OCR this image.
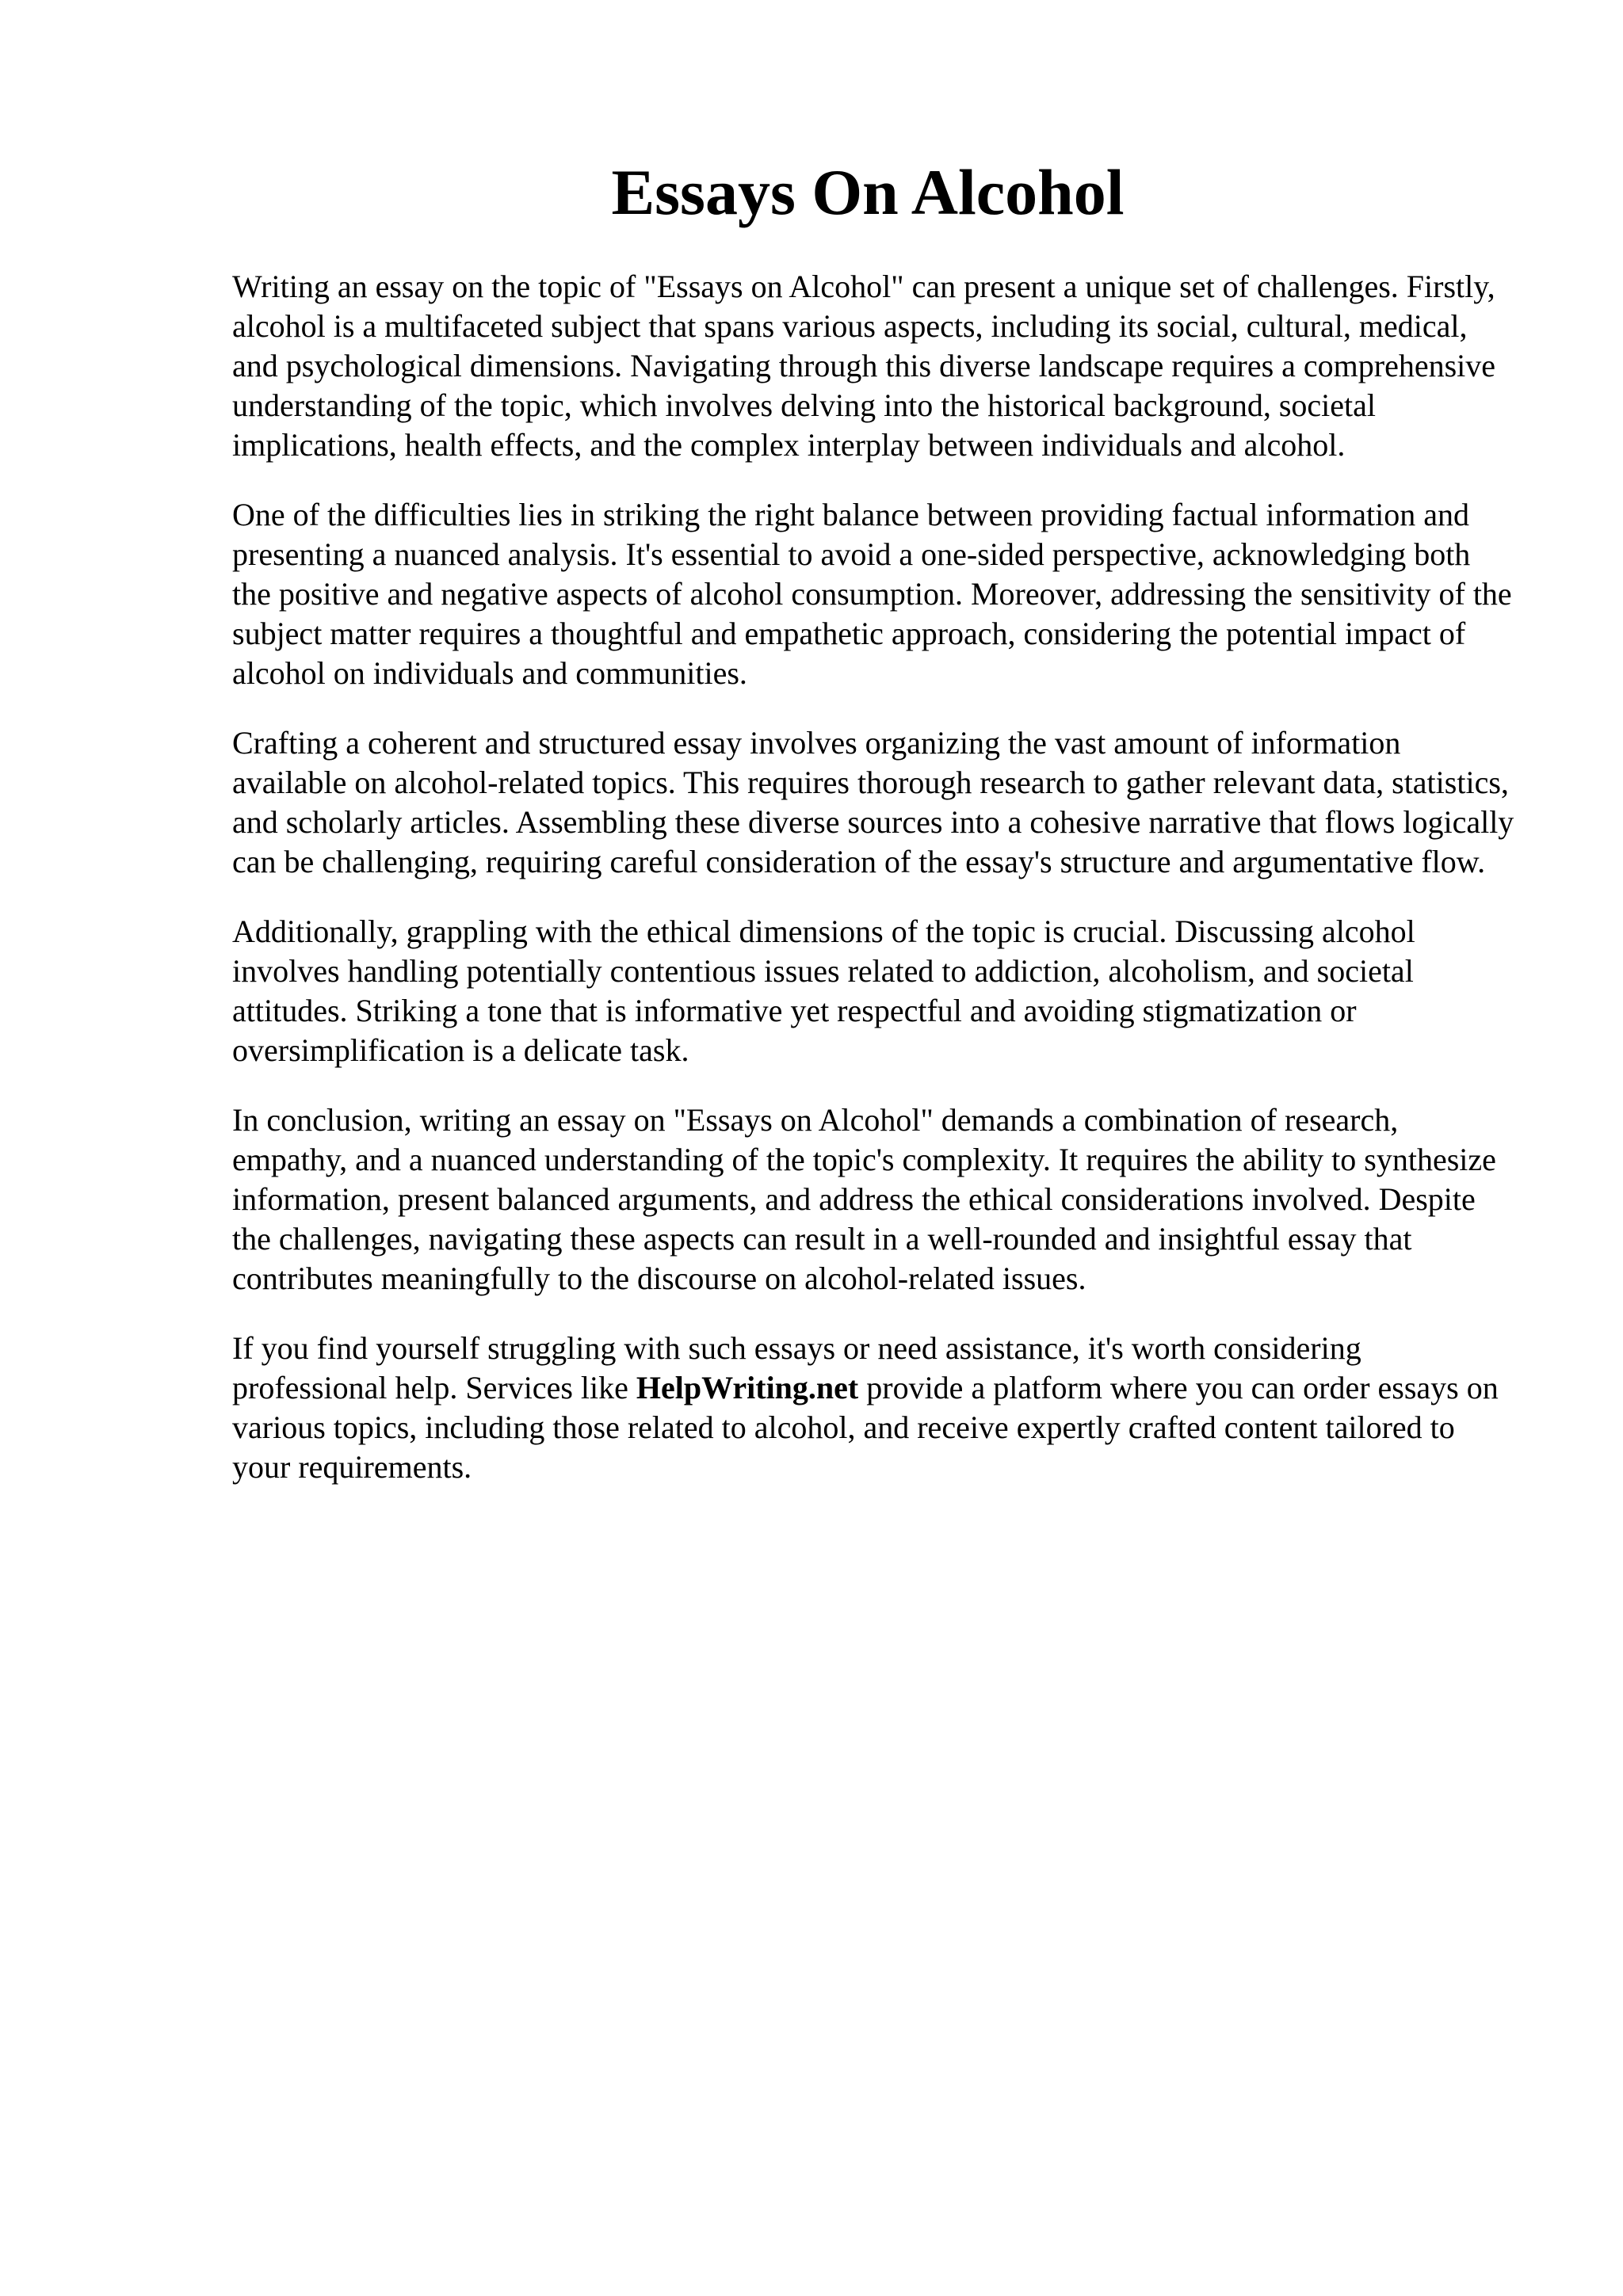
Essays On Alcohol

Writing an essay on the topic of "Essays on Alcohol" can present a unique set of challenges. Firstly, alcohol is a multifaceted subject that spans various aspects, including its social, cultural, medical, and psychological dimensions. Navigating through this diverse landscape requires a comprehensive understanding of the topic, which involves delving into the historical background, societal implications, health effects, and the complex interplay between individuals and alcohol.

One of the difficulties lies in striking the right balance between providing factual information and presenting a nuanced analysis. It's essential to avoid a one-sided perspective, acknowledging both the positive and negative aspects of alcohol consumption. Moreover, addressing the sensitivity of the subject matter requires a thoughtful and empathetic approach, considering the potential impact of alcohol on individuals and communities.

Crafting a coherent and structured essay involves organizing the vast amount of information available on alcohol-related topics. This requires thorough research to gather relevant data, statistics, and scholarly articles. Assembling these diverse sources into a cohesive narrative that flows logically can be challenging, requiring careful consideration of the essay's structure and argumentative flow.

Additionally, grappling with the ethical dimensions of the topic is crucial. Discussing alcohol involves handling potentially contentious issues related to addiction, alcoholism, and societal attitudes. Striking a tone that is informative yet respectful and avoiding stigmatization or oversimplification is a delicate task.

In conclusion, writing an essay on "Essays on Alcohol" demands a combination of research, empathy, and a nuanced understanding of the topic's complexity. It requires the ability to synthesize information, present balanced arguments, and address the ethical considerations involved. Despite the challenges, navigating these aspects can result in a well-rounded and insightful essay that contributes meaningfully to the discourse on alcohol-related issues.

If you find yourself struggling with such essays or need assistance, it's worth considering professional help. Services like HelpWriting.net provide a platform where you can order essays on various topics, including those related to alcohol, and receive expertly crafted content tailored to your requirements.
